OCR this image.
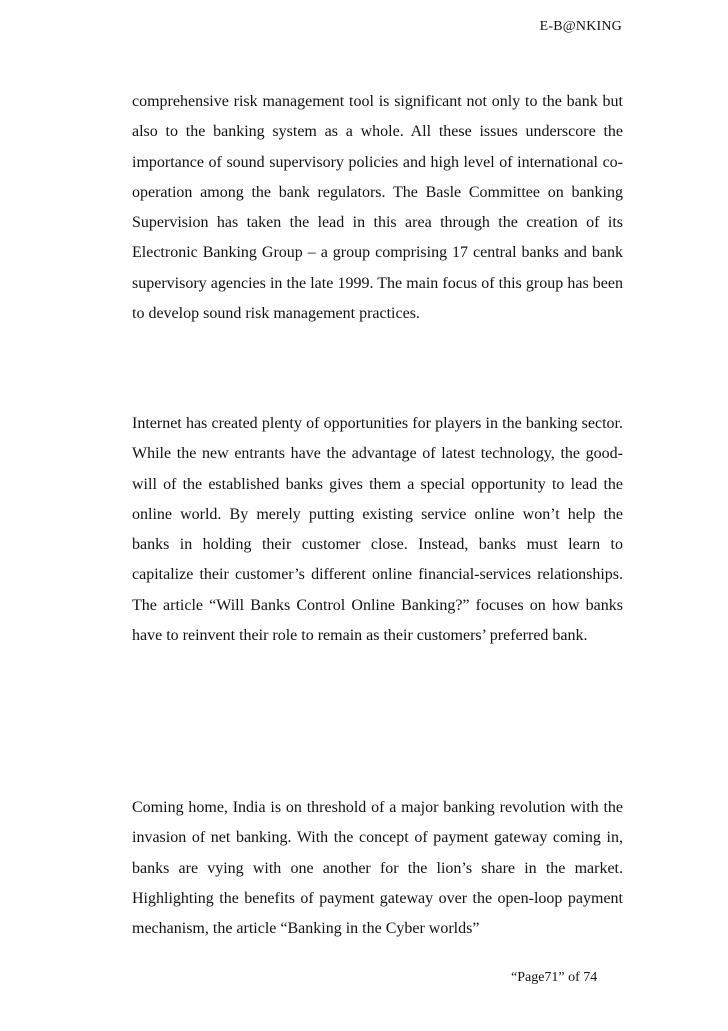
E-B@NKING

comprehensive risk management tool is significant not only to the bank but also to the banking system as a whole. All these issues underscore the importance of sound supervisory policies and high level of international co-operation among the bank regulators. The Basle Committee on banking Supervision has taken the lead in this area through the creation of its Electronic Banking Group – a group comprising 17 central banks and bank supervisory agencies in the late 1999. The main focus of this group has been to develop sound risk management practices.

Internet has created plenty of opportunities for players in the banking sector. While the new entrants have the advantage of latest technology, the good-will of the established banks gives them a special opportunity to lead the online world. By merely putting existing service online won’t help the banks in holding their customer close. Instead, banks must learn to capitalize their customer’s different online financial-services relationships. The article “Will Banks Control Online Banking?” focuses on how banks have to reinvent their role to remain as their customers’ preferred bank.

Coming home, India is on threshold of a major banking revolution with the invasion of net banking. With the concept of payment gateway coming in, banks are vying with one another for the lion’s share in the market. Highlighting the benefits of payment gateway over the open-loop payment mechanism, the article “Banking in the Cyber worlds”

“Page71” of 74
